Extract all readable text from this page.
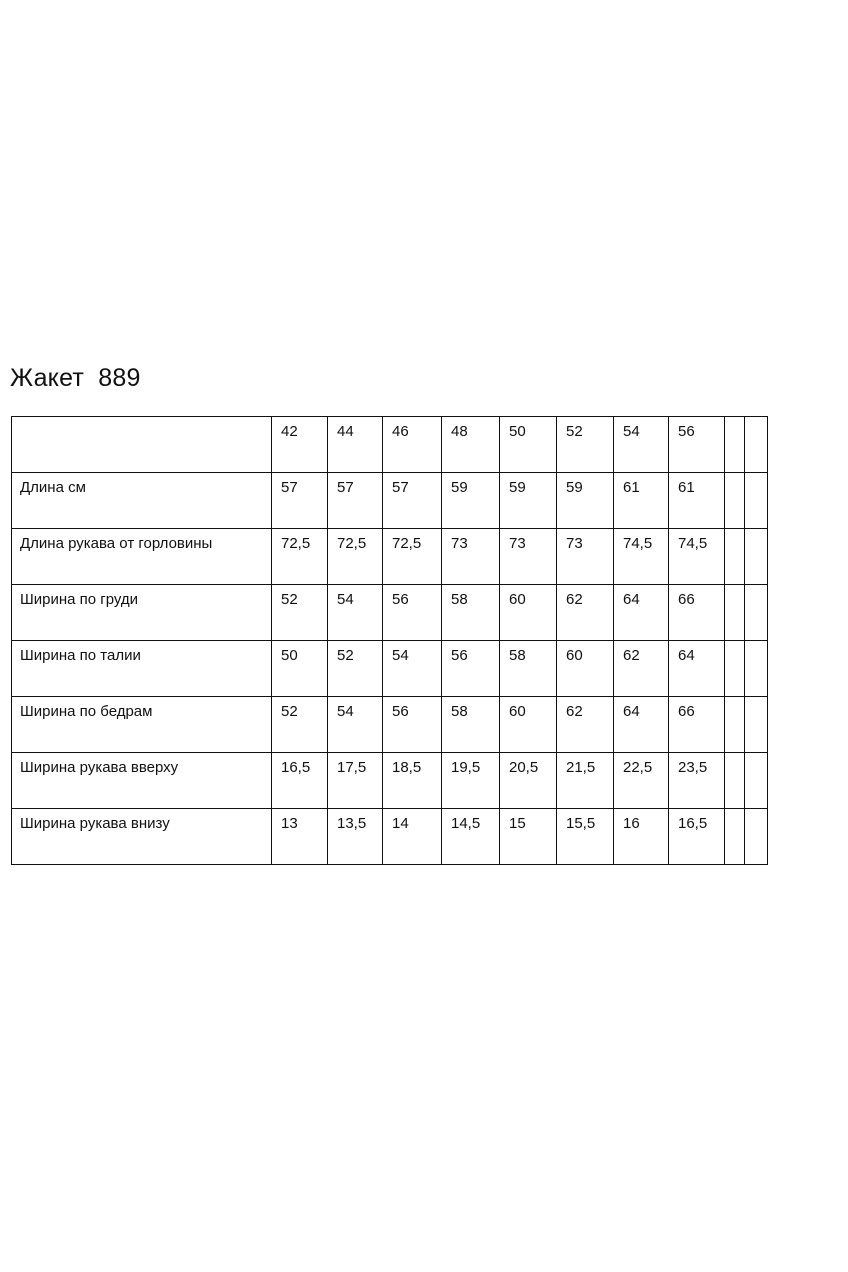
Жакет  889
	42	44	46	48	50	52	54	56		
Длина см	57	57	57	59	59	59	61	61		
Длина рукава от горловины	72,5	72,5	72,5	73	73	73	74,5	74,5		
Ширина по груди	52	54	56	58	60	62	64	66		
Ширина по талии	50	52	54	56	58	60	62	64		
Ширина по бедрам	52	54	56	58	60	62	64	66		
Ширина рукава вверху	16,5	17,5	18,5	19,5	20,5	21,5	22,5	23,5		
Ширина рукава внизу	13	13,5	14	14,5	15	15,5	16	16,5		
